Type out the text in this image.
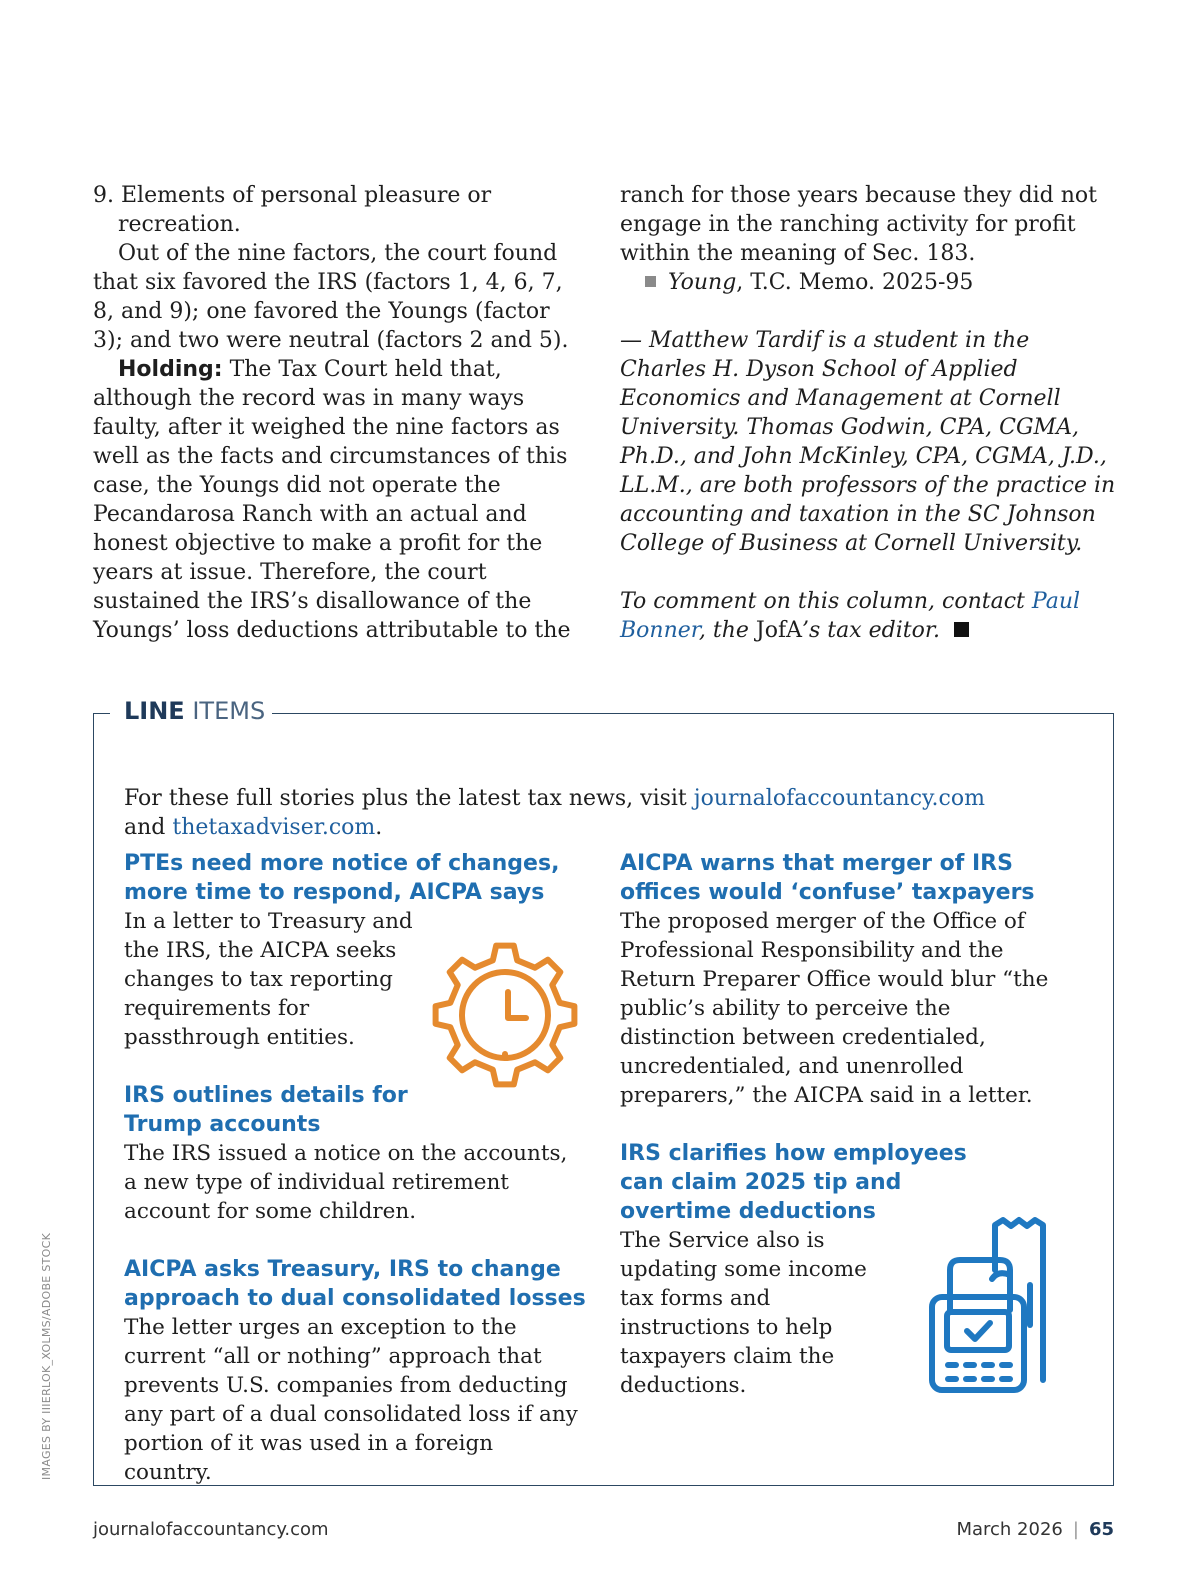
9. Elements of personal pleasure or recreation.

Out of the nine factors, the court found that six favored the IRS (factors 1, 4, 6, 7, 8, and 9); one favored the Youngs (factor 3); and two were neutral (factors 2 and 5).

Holding: The Tax Court held that, although the record was in many ways faulty, after it weighed the nine factors as well as the facts and circumstances of this case, the Youngs did not operate the Pecandarosa Ranch with an actual and honest objective to make a profit for the years at issue. Therefore, the court sustained the IRS’s disallowance of the Youngs’ loss deductions attributable to the

ranch for those years because they did not engage in the ranching activity for profit within the meaning of Sec. 183.

Young, T.C. Memo. 2025-95

— Matthew Tardif is a student in the Charles H. Dyson School of Applied Economics and Management at Cornell University. Thomas Godwin, CPA, CGMA, Ph.D., and John McKinley, CPA, CGMA, J.D., LL.M., are both professors of the practice in accounting and taxation in the SC Johnson College of Business at Cornell University.

To comment on this column, contact Paul Bonner, the JofA’s tax editor.

LINE ITEMS

For these full stories plus the latest tax news, visit journalofaccountancy.com
and thetaxadviser.com.

PTEs need more notice of changes,
more time to respond, AICPA says

In a letter to Treasury and the IRS, the AICPA seeks changes to tax reporting requirements for passthrough entities.

IRS outlines details for
Trump accounts

The IRS issued a notice on the accounts, a new type of individual retirement account for some children.

AICPA asks Treasury, IRS to change
approach to dual consolidated losses

The letter urges an exception to the current “all or nothing” approach that prevents U.S. companies from deducting any part of a dual consolidated loss if any portion of it was used in a foreign country.

AICPA warns that merger of IRS
offices would ‘confuse’ taxpayers

The proposed merger of the Office of Professional Responsibility and the Return Preparer Office would blur “the public’s ability to perceive the distinction between credentialed, uncredentialed, and unenrolled preparers,” the AICPA said in a letter.

IRS clarifies how employees
can claim 2025 tip and
overtime deductions

The Service also is updating some income tax forms and instructions to help taxpayers claim the deductions.

IMAGES BY IIIERLOK_XOLMS/ADOBE STOCK
journalofaccountancy.com	March 2026 | 65
